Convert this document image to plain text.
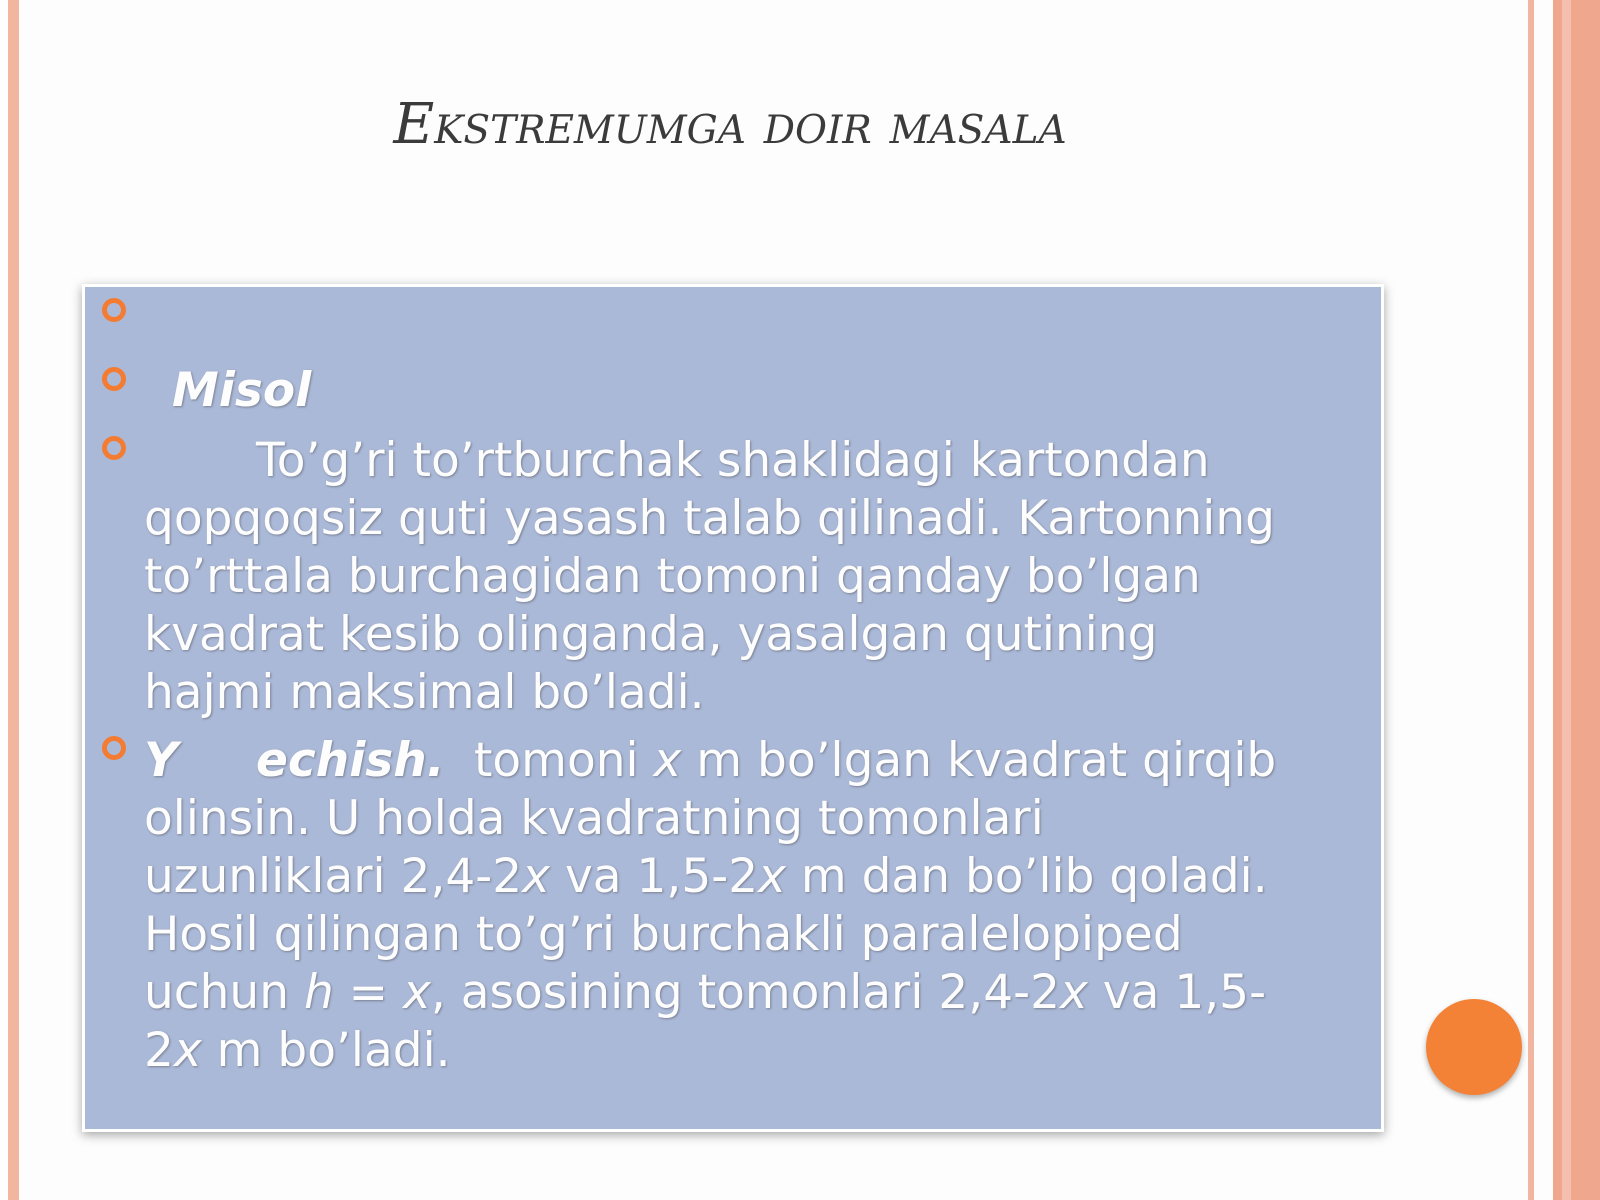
Ekstremumga doir masala
Misol
To’g’ri to’rtburchak shaklidagi kartondan
qopqoqsiz quti yasash talab qilinadi. Kartonning
to’rttala burchagidan tomoni qanday bo’lgan
kvadrat kesib olinganda, yasalgan qutining
hajmi maksimal bo’ladi.
Y echish. tomoni x m bo’lgan kvadrat qirqib
olinsin. U holda kvadratning tomonlari
uzunliklari 2,4-2x va 1,5-2x m dan bo’lib qoladi.
Hosil qilingan to’g’ri burchakli paralelopiped
uchun h = x, asosining tomonlari 2,4-2x va 1,5-
2x m bo’ladi.
